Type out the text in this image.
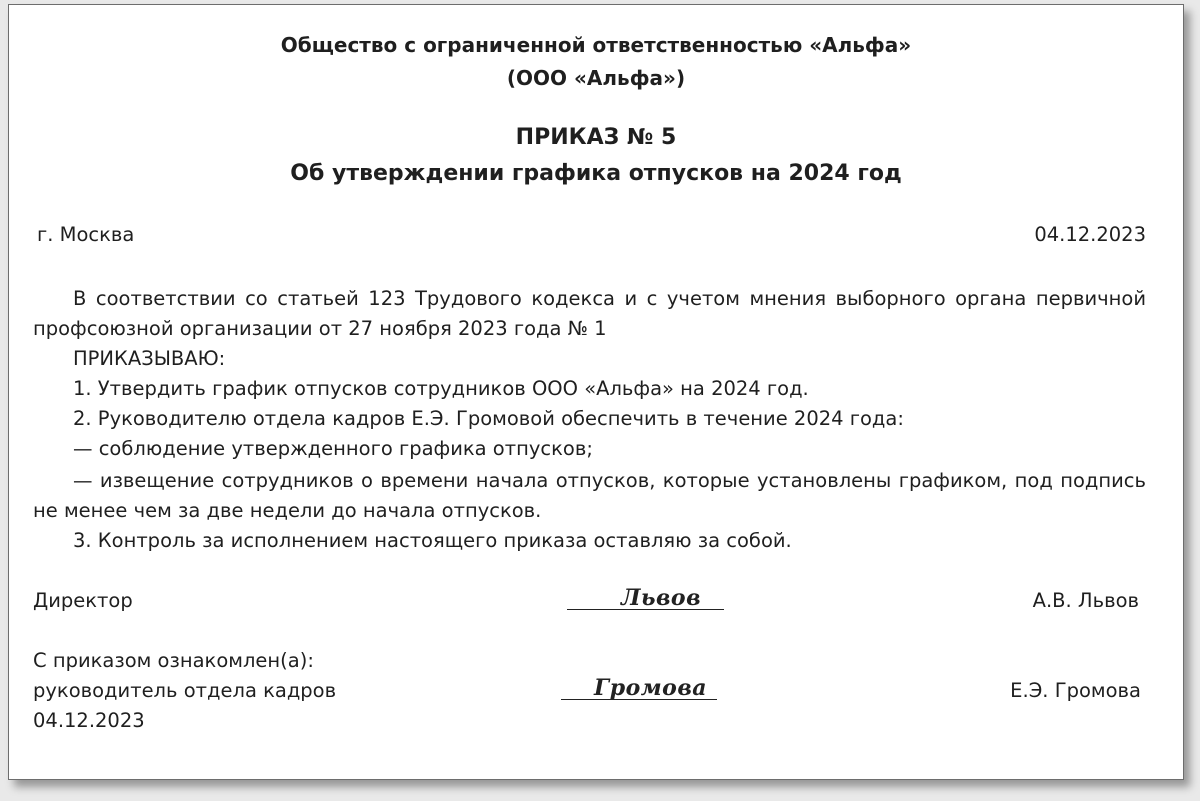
Общество с ограниченной ответственностью «Альфа»
(ООО «Альфа»)
ПРИКАЗ № 5
Об утверждении графика отпусков на 2024 год
г. Москва	04.12.2023
В соответствии со статьей 123 Трудового кодекса и с учетом мнения выборного органа первичной профсоюзной организации от 27 ноября 2023 года № 1
ПРИКАЗЫВАЮ:
1. Утвердить график отпусков сотрудников ООО «Альфа» на 2024 год.
2. Руководителю отдела кадров Е.Э. Громовой обеспечить в течение 2024 года:
— соблюдение утвержденного графика отпусков;
— извещение сотрудников о времени начала отпусков, которые установлены графиком, под подпись не менее чем за две недели до начала отпусков.
3. Контроль за исполнением настоящего приказа оставляю за собой.
Директор	Львов	А.В. Львов
С приказом ознакомлен(а):
руководитель отдела кадров
04.12.2023
Громова	Е.Э. Громова
